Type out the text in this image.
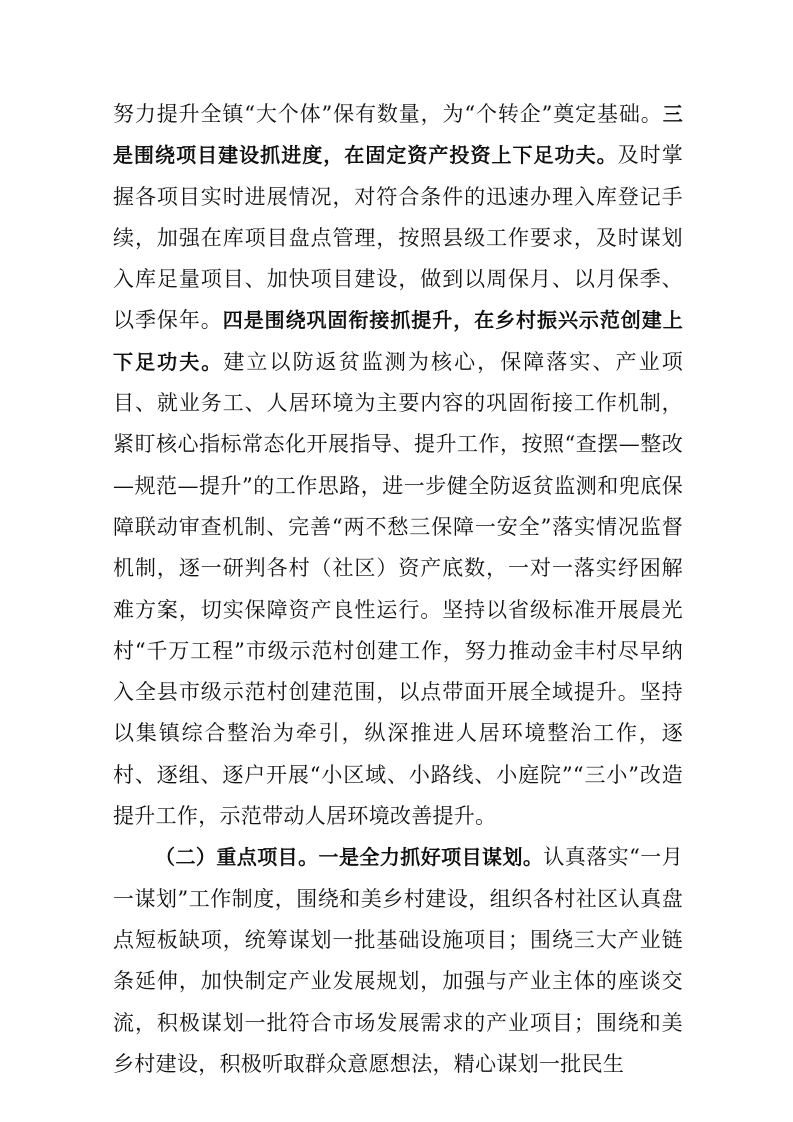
努力提升全镇“大个体”保有数量，为“个转企”奠定基础。三是围绕项目建设抓进度，在固定资产投资上下足功夫。及时掌握各项目实时进展情况，对符合条件的迅速办理入库登记手续，加强在库项目盘点管理，按照县级工作要求，及时谋划入库足量项目、加快项目建设，做到以周保月、以月保季、以季保年。四是围绕巩固衔接抓提升，在乡村振兴示范创建上下足功夫。建立以防返贫监测为核心，保障落实、产业项目、就业务工、人居环境为主要内容的巩固衔接工作机制，紧盯核心指标常态化开展指导、提升工作，按照“查摆—整改—规范—提升”的工作思路，进一步健全防返贫监测和兜底保障联动审查机制、完善“两不愁三保障一安全”落实情况监督机制，逐一研判各村（社区）资产底数，一对一落实纾困解难方案，切实保障资产良性运行。坚持以省级标准开展晨光村“千万工程”市级示范村创建工作，努力推动金丰村尽早纳入全县市级示范村创建范围，以点带面开展全域提升。坚持以集镇综合整治为牵引，纵深推进人居环境整治工作，逐村、逐组、逐户开展“小区域、小路线、小庭院”“三小”改造提升工作，示范带动人居环境改善提升。

（二）重点项目。一是全力抓好项目谋划。认真落实“一月一谋划”工作制度，围绕和美乡村建设，组织各村社区认真盘点短板缺项，统筹谋划一批基础设施项目；围绕三大产业链条延伸，加快制定产业发展规划，加强与产业主体的座谈交流，积极谋划一批符合市场发展需求的产业项目；围绕和美乡村建设，积极听取群众意愿想法，精心谋划一批民生
